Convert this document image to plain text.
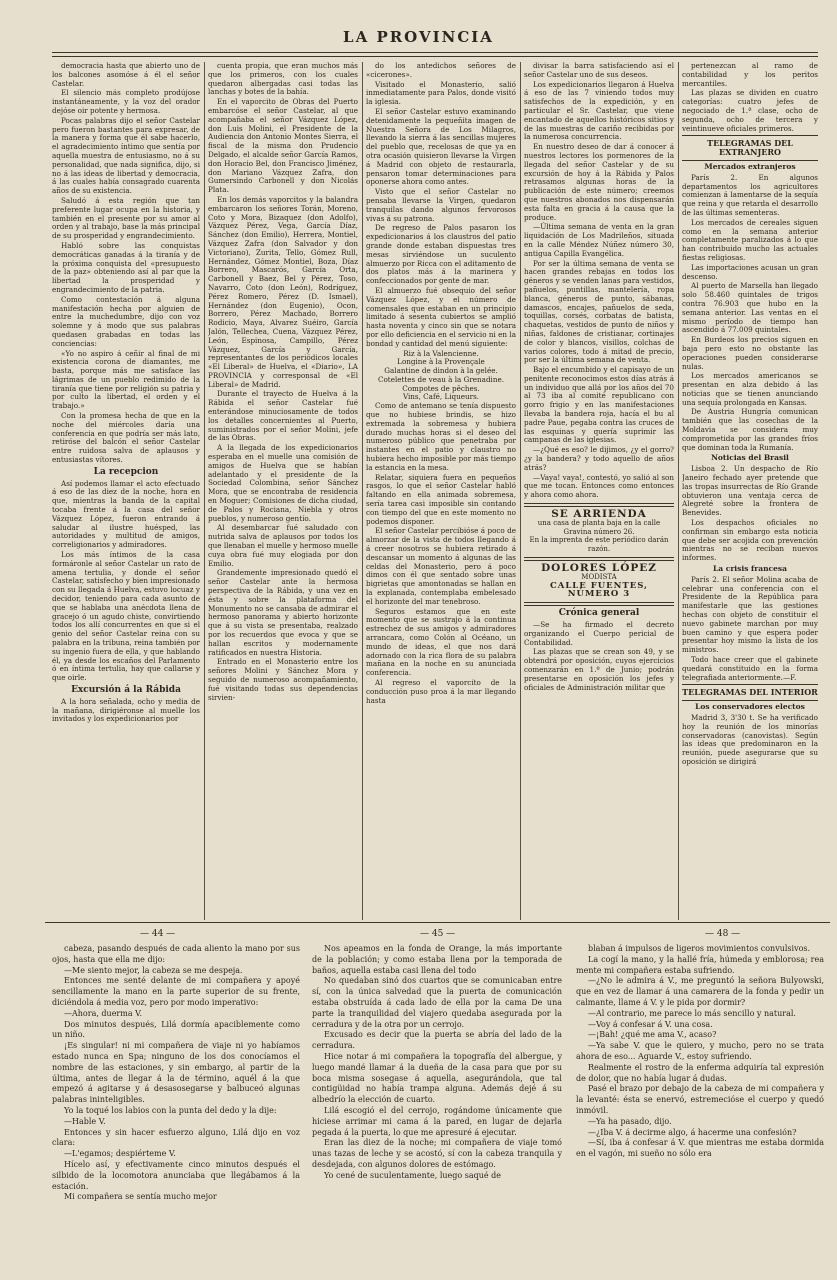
LA PROVINCIA

democracia hasta que abierto uno de los balcones asomóse á él el señor Castelar.

El silencio más completo prodújose instantáneamente, y la voz del orador dejóse oir potente y hermosa.

Pocas palabras dijo el señor Castelar pero fueron bastantes para expresar, de la manera y forma que él sabe hacerlo, el agradecimiento íntimo que sentía por aquella muestra de entusiasmo, no á su personalidad, que nada significa, dijo, si no á las ideas de libertad y democracia, á las cuales había consagrado cuarenta años de su existencia.

Saludó á esta región que tan preferente lugar ocupa en la historia, y también en el presente por su amor al orden y al trabajo, base la más principal de su prosperidad y engrandecimiento.

Habló sobre las conquistas democráticas ganadas á la tiranía y de la próxima conquista del «presupuesto de la paz» obteniendo así al par que la libertad la prosperidad y engrandecimiento de la patria.

Como contestación á alguna manifestación hecha por alguien de entre la muchedumbre, dijo con voz solemne y á modo que sus palabras quedasen grabadas en todas las conciencias:

«Yo no aspiro á ceñir al final de mi existencia corona de diamantes, me basta, porque más me satisface las lágrimas de un pueblo redimido de la tiranía que tiene por religión su patria y por culto la libertad, el orden y el trabajo.»

Con la promesa hecha de que en la noche del miércoles daría una conferencia en que podría ser más lato, retiróse del balcón el señor Castelar entre ruidosa salva de aplausos y entusiastas vítores.

La recepcion

Así podemos llamar el acto efectuado á eso de las diez de la noche, hora en que, mientras la banda de la capital tocaba frente á la casa del señor Vázquez López, fueron entrando á saludar al ilustre huésped, las autoridades y multitud de amigos, correligionarios y admiradores.

Los más íntimos de la casa formáronle al señor Castelar un rato de amena tertulia, y donde el señor Castelar, satisfecho y bien impresionado con su llegada á Huelva, estuvo locuaz y decidor, teniendo para cada asunto de que se hablaba una anécdota llena de gracejo ó un agudo chiste, convirtiendo todos los allí concurrentes en que si el genio del señor Castelar reina con su palabra en la tribuna, reina también por su ingenio fuera de ella, y que hablando él, ya desde los escaños del Parlamento ó en íntima tertulia, hay que callarse y que oirle.

Excursión á la Rábida

A la hora señalada, ocho y media de la mañana, dirigiéronse al muelle los invitados y los expedicionarios por

cuenta propia, que eran muchos más que los primeros, con los cuales quedaron albergadas casi todas las lanchas y botes de la bahía.

En el vaporcito de Obras del Puerto embarcóse el señor Castelar, al que acompañaba el señor Vázquez López, don Luis Molini, el Presidente de la Audiencia don Antonio Montes Sierra, el fiscal de la misma don Prudencio Delgado, el alcalde señor García Ramos, don Horacio Bel, don Francisco Jiménez, don Mariano Vázquez Zafra, don Gumersindo Carbonell y don Nicolás Plata.

En los demás vaporcitos y la balandra embarcaron los señores Torán, Moreno, Coto y Mora, Bizaquez (don Adolfo), Vázquez Pérez, Vega, García Díaz, Sánchez (don Emilio), Herrera, Montiel, Vázquez Zafra (don Salvador y don Victoriano), Zurita, Tello, Gómez Rull, Hernández, Gómez Montiel, Boza, Díaz Borrero, Mascarós, García Orta, Carbonell y Baez, Bel y Pérez, Toso, Navarro, Coto (don León), Rodríguez, Pérez Romero, Pérez (D. Ismael), Hernández (don Eugenio), Ocon, Borrero, Pérez Machado, Borrero Rodicio, Maya, Alvarez Suéiro, García Jalón, Tellechea, Cuena, Vázquez Pérez, León, Espinosa, Campillo, Pérez Vázquez, García y García, representantes de los periódicos locales «El Liberal» de Huelva, el «Diario», LA PROVINCIA y corresponsal de «El Liberal» de Madrid.

Durante el trayecto de Huelva á la Rábida el señor Castelar fué enterándose minuciosamente de todos los detalles concernientes al Puerto, suministrados por el señor Molini, jefe de las Obras.

A la llegada de los expedicionarios esperaba en el muelle una comisión de amigos de Huelva que se habían adelantado y el presidente de la Sociedad Colombina, señor Sánchez Mora, que se encontraba de residencia en Moguer; Comisiones de dicha ciudad, de Palos y Rociana, Niebla y otros pueblos, y numeroso gentío.

Al desembarcar fué saludado con nutrida salva de aplausos por todos los que llenaban el muelle y hermoso muelle cuya obra fué muy elogiada por don Emilio.

Grandemente impresionado quedó el señor Castelar ante la hermosa perspectiva de la Rábida, y una vez en ésta y sobre la plataforma del Monumento no se cansaba de admirar el hermoso panorama y abierto horizonte que á su vista se presentaba, realzado por los recuerdos que evoca y que se hallan escritos y modernamente ratificados en nuestra Historia.

Entrado en el Monasterio entre los señores Molini y Sánchez Mora y seguido de numeroso acompañamiento, fué visitando todas sus dependencias sirvien-

do los antedichos señores de «cicerones».

Visitado el Monasterio, salió inmediatamente para Palos, donde visitó la iglesia.

El señor Castelar estuvo examinando detenidamente la pequeñita imagen de Nuestra Señora de Los Milagros, llevando la sierra á las sencillas mujeres del pueblo que, recelosas de que ya en otra ocasión quisieron llevarse la Virgen á Madrid con objeto de restaurarla, pensaron tomar determinaciones para oponerse ahora como antes.

Visto que el señor Castelar no pensaba llevarse la Virgen, quedaron tranquilas dando algunos fervorosos vivas á su patrona.

De regreso de Palos pasaron los expedicionarios á los claustros del patio grande donde estaban dispuestas tres mesas sirviéndose un suculento almuerzo por Ricca con el aditamento de dos platos más á la marinera y confeccionados por gente de mar.

El almuerzo fué obsequio del señor Vázquez López, y el número de comensales que estaban en un principio limitado á sesenta cubiertos se amplió hasta noventa y cinco sin que se notara por ello deficiencia en el servicio ni en la bondad y cantidad del menú siguiente:

Riz à la Valencienne.

Longine à la Provençale

Galantine de dindon à la gelée.

Cotelettes de veau à la Grenadine.

Compotes de pêches.

Vins, Café, Liqueurs.

Como de antemano se tenía dispuesto que no hubiese brindis, se hizo extremada la sobremesa y hubiera durado muchas horas si el deseo del numeroso público que penetraba por instantes en el patio y claustro no hubiera hecho imposible por más tiempo la estancia en la mesa.

Relatar, siquiera fuera en pequeños rasgos, lo que el señor Castelar habló faltando en ella animada sobremesa, sería tarea casi imposible sin contando con tiempo del que en este momento no podemos disponer.

El señor Castelar percibióse á poco de almorzar de la vista de todos llegando á á creer nosotros se hubiera retirado á descansar un momento á algunas de las celdas del Monasterio, pero á poco dimos con él que sentado sobre unas bigrietas que amontonadas se hallan en la explanada, contemplaba embelesado el horizonte del mar tenebroso.

Seguros estamos que en este momento que se sustrajo á la continua estrechez de sus amigos y admiradores arrancara, como Colón al Océano, un mundo de ideas, el que nos dará adornado con la rica flora de su palabra mañana en la noche en su anunciada conferencia.

Al regreso el vaporcito de la conducción puso proa á la mar llegando hasta

divisar la barra satisfaciendo así el señor Castelar uno de sus deseos.

Los expedicionarios llegaron á Huelva á eso de las 7 viniendo todos muy satisfechos de la expedición, y en particular el Sr. Castelar, que viene encantado de aquellos históricos sitios y de las muestras de cariño recibidas por la numerosa concurrencia.

En nuestro deseo de dar á conocer á nuestros lectores los pormenores de la llegada del señor Castelar y de su excursión de hoy á la Rábida y Palos retrasamos algunas horas de la publicación de este número; creemos que nuestros abonados nos dispensarán esta falta en gracia á la causa que la produce.

—Última semana de venta en la gran liquidación de Los Madrileños, situada en la calle Méndez Núñez número 30, antigua Capilla Evangélica.

Por ser la última semana de venta se hacen grandes rebajas en todos los géneros y se venden lanas para vestidos, pañuelos, puntillas, mantelería, ropa blanca, géneros de punto, sábanas, damascos, encajes, pañuelos de seda, toquillas, corsés, corbatas de batista, chaquetas, vestidos de punto de niños y niñas, faldones de cristianar, cortinajes de color y blancos, visillos, colchas de varios colores, todo á mitad de precio, por ser la última semana de venta.

Bajo el encumbido y el capisayo de un penitente reconocimos estos días atrás á un individuo que allá por los años del 70 al 73 iba al comité republicano con gorro frigio y en las manifestaciones llevaba la bandera roja, hacía el bu al padre Paue, pegaba contra las cruces de las esquinas y quería suprimir las campanas de las iglesias.

—¿Qué es eso? le dijimos, ¿y el gorro? ¿y la bandera? y todo aquello de años atrás?

—Vaya! vaya!, contestó, yo salió al son que me tocan. Entonces como entonces y ahora como ahora.

SE ARRIENDA
una casa de planta baja en la calle Gravina número 26.
En la imprenta de este periódico darán razón.
DOLORES LÓPEZ
MODISTA
CALLE FUENTES, NÚMERO 3
Crónica general

—Se ha firmado el decreto organizando el Cuerpo pericial de Contabilidad.

Las plazas que se crean son 49, y se obtendrá por oposición, cuyos ejercicios comenzarán en 1.º de Junio; podrán presentarse en oposición los jefes y oficiales de Administración militar que

pertenezcan al ramo de contabilidad y los peritos mercantiles.

Las plazas se dividen en cuatro categorías: cuatro jefes de negociado de 1.ª clase, ocho de segunda, ocho de tercera y veintinueve oficiales primeros.

TELEGRAMAS DEL EXTRANJERO
Mercados extranjeros

París 2. En algunos departamentos los agricultores comienzan á lamentarse de la sequía que reina y que retarda el desarrollo de las últimas sementeras.

Los mercados de cereales siguen como en la semana anterior completamente paralizados á lo que han contribuido mucho las actuales fiestas religiosas.

Las importaciones acusan un gran descenso.

Al puerto de Marsella han llegado solo 58.460 quintales de trigos contra 76.903 que hubo en la semana anterior. Las ventas en el mismo período de tiempo han ascendido á 77.009 quintales.

En Burdeos los precios siguen en baja pero esto no obstante las operaciones pueden considerarse nulas.

Los mercados americanos se presentan en alza debido á las noticias que se tienen anunciando una sequía prolongada en Kansas.

De Austria Hungría comunican también que las cosechas de la Moldavia se considera muy comprometida por las grandes fríos que dominan toda la Rumanía.

Noticias del Brasil

Lisboa 2. Un despacho de Río Janeiro fechado ayer pretende que las tropas insurrectas de Río Grande obtuvieron una ventaja cerca de Alegreté sobre la frontera de Benevides.

Los despachos oficiales no confirman sin embargo esta noticia que debe ser acojida con prevención mientras no se reciban nuevos informes.

La crisis francesa

París 2. El señor Molina acaba de celebrar una conferencia con el Presidente de la República para manifestarle que las gestiones hechas con objeto de constituir el nuevo gabinete marchan por muy buen camino y que espera poder presentar hoy mismo la lista de los ministros.

Todo hace creer que el gabinete quedará constituido en la forma telegrafiada anteriormente.—F.

TELEGRAMAS DEL INTERIOR
Los conservadores electos

Madrid 3, 3'30 t. Se ha verificado hoy la reunión de los minorías conservadoras (canovistas). Según las ideas que predominaron en la reunión, puede asegurarse que su oposición se dirigirá

— 44 —	— 45 —	— 48 —

cabeza, pasando después de cada aliento la mano por sus ojos, hasta que ella me dijo:

—Me siento mejor, la cabeza se me despeja.

Entonces me senté delante de mi compañera y apoyé sencillamente la mano en la parte superior de su frente, diciéndola á media voz, pero por modo imperativo:

—Ahora, duerma V.

Dos minutos después, Lilá dormía apaciblemente como un niño.

¡Es singular! ni mi compañera de viaje ni yo habíamos estado nunca en Spa; ninguno de los dos conocíamos el nombre de las estaciones, y sin embargo, al partir de la última, antes de llegar á la de término, aquél á la que empezó á agitarse y á desasosegarse y balbuceó algunas palabras ininteligibles.

Yo la toqué los labios con la punta del dedo y la dije:

—Hable V.

Entonces y sin hacer esfuerzo alguno, Lilá dijo en voz clara:

—L'egamos; despiérteme V.

Hícelo así, y efectivamente cinco minutos después el silbido de la locomotora anunciaba que llegábamos á la estación.

Mi compañera se sentía mucho mejor

Nos apeamos en la fonda de Orange, la más importante de la población; y como estaba llena por la temporada de baños, aquella estaba casi llena del todo

No quedaban sinó dos cuartos que se comunicaban entre sí, con la única salvedad que la puerta de comunicación estaba obstruída á cada lado de ella por la cama De una parte la tranquilidad del viajero quedaba asegurada por la cerradura y de la otra por un cerrojo.

Excusado es decir que la puerta se abría del lado de la cerradura.

Hice notar á mi compañera la topografía del albergue, y luego mandé llamar á la dueña de la casa para que por su boca misma sosegase á aquella, asegurándola, que tal contigüidad no había trampa alguna. Además dejé á su albedrío la elección de cuarto.

Lilá escogió el del cerrojo, rogándome únicamente que hiciese arrimar mi cama á la pared, en lugar de dejarla pegada á la puerta, lo que me apresuré á ejecutar.

Eran las diez de la noche; mi compañera de viaje tomó unas tazas de leche y se acostó, sí con la cabeza tranquila y desdejada, con algunos dolores de estómago.

Yo cené de suculentamente, luego saqué de

blaban á impulsos de ligeros movimientos convulsivos.

La cogí la mano, y la hallé fría, húmeda y emblorosa; rea mente mi compañera estaba sufriendo.

—¿No le admira á V., me preguntó la señora Bulyowski, que en vez de llamar á una camarera de la fonda y pedir un calmante, llame á V. y le pida por dormir?

—Al contrario, me parece lo más sencillo y natural.

—Voy á confesar á V. una cosa.

—¡Bah! ¿qué me ama V., acaso?

—Ya sabe V. que le quiero, y mucho, pero no se trata ahora de eso... Aguarde V., estoy sufriendo.

Realmente el rostro de la enferma adquiría tal expresión de dolor, que no había lugar á dudas.

Pasé el brazo por debajo de la cabeza de mi compañera y la levanté: ésta se enervó, estremecióse el cuerpo y quedó inmóvil.

—Ya ha pasado, dijo.

—¿Iba V. á decirme algo, á hacerme una confesión?

—Sí, iba á confesar á V. que mientras me estaba dormida en el vagón, mi sueño no sólo era
